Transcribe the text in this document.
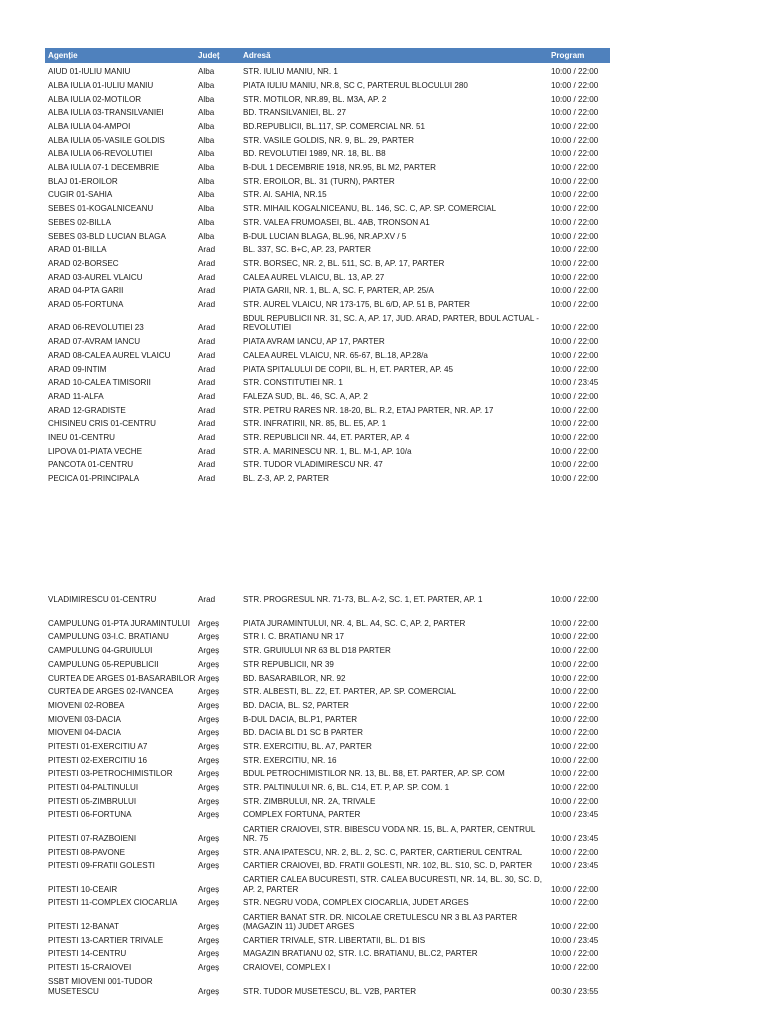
Agenție	Județ	Adresă	Program
AIUD 01-IULIU MANIU	Alba	STR. IULIU MANIU, NR. 1	10:00 / 22:00
ALBA IULIA 01-IULIU MANIU	Alba	PIATA IULIU MANIU, NR.8, SC C, PARTERUL BLOCULUI 280	10:00 / 22:00
ALBA IULIA 02-MOTILOR	Alba	STR. MOTILOR, NR.89, BL. M3A, AP. 2	10:00 / 22:00
ALBA IULIA 03-TRANSILVANIEI	Alba	BD. TRANSILVANIEI, BL. 27	10:00 / 22:00
ALBA IULIA 04-AMPOI	Alba	BD.REPUBLICII, BL.117, SP. COMERCIAL NR. 51	10:00 / 22:00
ALBA IULIA 05-VASILE GOLDIS	Alba	STR. VASILE GOLDIS, NR. 9, BL. 29, PARTER	10:00 / 22:00
ALBA IULIA 06-REVOLUTIEI	Alba	BD. REVOLUTIEI 1989, NR. 18, BL. B8	10:00 / 22:00
ALBA IULIA 07-1 DECEMBRIE	Alba	B-DUL 1 DECEMBRIE 1918, NR.95, BL M2, PARTER	10:00 / 22:00
BLAJ 01-EROILOR	Alba	STR. EROILOR, BL. 31 (TURN), PARTER	10:00 / 22:00
CUGIR 01-SAHIA	Alba	STR. Al. SAHIA, NR.15	10:00 / 22:00
SEBES 01-KOGALNICEANU	Alba	STR. MIHAIL KOGALNICEANU, BL. 146, SC. C, AP. SP. COMERCIAL	10:00 / 22:00
SEBES 02-BILLA	Alba	STR. VALEA FRUMOASEI, BL. 4AB, TRONSON A1	10:00 / 22:00
SEBES 03-BLD LUCIAN BLAGA	Alba	B-DUL LUCIAN BLAGA, BL.96, NR.AP.XV / 5	10:00 / 22:00
ARAD 01-BILLA	Arad	BL. 337, SC. B+C, AP. 23, PARTER	10:00 / 22:00
ARAD 02-BORSEC	Arad	STR. BORSEC, NR. 2, BL. 511, SC. B, AP. 17, PARTER	10:00 / 22:00
ARAD 03-AUREL VLAICU	Arad	CALEA AUREL VLAICU, BL. 13, AP. 27	10:00 / 22:00
ARAD 04-PTA GARII	Arad	PIATA GARII, NR. 1, BL. A, SC. F, PARTER, AP. 25/A	10:00 / 22:00
ARAD 05-FORTUNA	Arad	STR. AUREL VLAICU, NR 173-175, BL 6/D, AP. 51 B, PARTER	10:00 / 22:00
ARAD 06-REVOLUTIEI 23	Arad	BDUL REPUBLICII NR. 31, SC. A, AP. 17, JUD. ARAD, PARTER, BDUL ACTUAL - REVOLUTIEI	10:00 / 22:00
ARAD 07-AVRAM IANCU	Arad	PIATA AVRAM IANCU, AP 17, PARTER	10:00 / 22:00
ARAD 08-CALEA AUREL VLAICU	Arad	CALEA AUREL VLAICU, NR. 65-67, BL.18, AP.28/a	10:00 / 22:00
ARAD 09-INTIM	Arad	PIATA SPITALULUI DE COPII, BL. H, ET. PARTER, AP. 45	10:00 / 22:00
ARAD 10-CALEA TIMISORII	Arad	STR. CONSTITUTIEI NR. 1	10:00 / 23:45
ARAD 11-ALFA	Arad	FALEZA SUD, BL. 46, SC. A, AP. 2	10:00 / 22:00
ARAD 12-GRADISTE	Arad	STR. PETRU RARES NR. 18-20, BL. R.2, ETAJ PARTER, NR. AP. 17	10:00 / 22:00
CHISINEU CRIS 01-CENTRU	Arad	STR. INFRATIRII, NR. 85, BL. E5, AP. 1	10:00 / 22:00
INEU 01-CENTRU	Arad	STR. REPUBLICII NR. 44, ET. PARTER, AP. 4	10:00 / 22:00
LIPOVA 01-PIATA VECHE	Arad	STR. A. MARINESCU NR. 1, BL. M-1, AP. 10/a	10:00 / 22:00
PANCOTA 01-CENTRU	Arad	STR. TUDOR VLADIMIRESCU NR. 47	10:00 / 22:00
PECICA 01-PRINCIPALA	Arad	BL. Z-3, AP. 2, PARTER	10:00 / 22:00
VLADIMIRESCU 01-CENTRU	Arad	STR. PROGRESUL NR. 71-73, BL. A-2, SC. 1, ET. PARTER, AP. 1	10:00 / 22:00
CAMPULUNG 01-PTA JURAMINTULUI	Argeș	PIATA JURAMINTULUI, NR. 4, BL. A4, SC. C, AP. 2, PARTER	10:00 / 22:00
CAMPULUNG 03-I.C. BRATIANU	Argeș	STR I. C. BRATIANU NR 17	10:00 / 22:00
CAMPULUNG 04-GRUIULUI	Argeș	STR. GRUIULUI NR 63 BL D18 PARTER	10:00 / 22:00
CAMPULUNG 05-REPUBLICII	Argeș	STR REPUBLICII, NR 39	10:00 / 22:00
CURTEA DE ARGES 01-BASARABILOR	Argeș	BD. BASARABILOR, NR. 92	10:00 / 22:00
CURTEA DE ARGES 02-IVANCEA	Argeș	STR. ALBESTI, BL. Z2, ET. PARTER, AP. SP. COMERCIAL	10:00 / 22:00
MIOVENI 02-ROBEA	Argeș	BD. DACIA, BL. S2, PARTER	10:00 / 22:00
MIOVENI 03-DACIA	Argeș	B-DUL DACIA, BL.P1, PARTER	10:00 / 22:00
MIOVENI 04-DACIA	Argeș	BD. DACIA BL D1 SC B PARTER	10:00 / 22:00
PITESTI 01-EXERCITIU A7	Argeș	STR. EXERCITIU, BL. A7, PARTER	10:00 / 22:00
PITESTI 02-EXERCITIU 16	Argeș	STR. EXERCITIU, NR. 16	10:00 / 22:00
PITESTI 03-PETROCHIMISTILOR	Argeș	BDUL PETROCHIMISTILOR NR. 13, BL. B8, ET. PARTER, AP. SP. COM	10:00 / 22:00
PITESTI 04-PALTINULUI	Argeș	STR. PALTINULUI NR. 6, BL. C14, ET. P, AP. SP. COM. 1	10:00 / 22:00
PITESTI 05-ZIMBRULUI	Argeș	STR. ZIMBRULUI, NR. 2A, TRIVALE	10:00 / 22:00
PITESTI 06-FORTUNA	Argeș	COMPLEX FORTUNA, PARTER	10:00 / 23:45
PITESTI 07-RAZBOIENI	Argeș	CARTIER CRAIOVEI, STR. BIBESCU VODA NR. 15, BL. A, PARTER, CENTRUL NR. 75	10:00 / 23:45
PITESTI 08-PAVONE	Argeș	STR. ANA IPATESCU, NR. 2, BL. 2, SC. C, PARTER, CARTIERUL CENTRAL	10:00 / 22:00
PITESTI 09-FRATII GOLESTI	Argeș	CARTIER CRAIOVEI, BD. FRATII GOLESTI, NR. 102, BL. S10, SC. D, PARTER	10:00 / 23:45
PITESTI 10-CEAIR	Argeș	CARTIER CALEA BUCURESTI, STR. CALEA BUCURESTI, NR. 14, BL. 30, SC. D, AP. 2, PARTER	10:00 / 22:00
PITESTI 11-COMPLEX CIOCARLIA	Argeș	STR. NEGRU VODA, COMPLEX CIOCARLIA, JUDET ARGES	10:00 / 22:00
PITESTI 12-BANAT	Argeș	CARTIER BANAT STR. DR. NICOLAE CRETULESCU NR 3 BL A3 PARTER (MAGAZIN 11) JUDET ARGES	10:00 / 22:00
PITESTI 13-CARTIER TRIVALE	Argeș	CARTIER TRIVALE, STR. LIBERTATII, BL. D1 BIS	10:00 / 23:45
PITESTI 14-CENTRU	Argeș	MAGAZIN BRATIANU 02, STR. I.C. BRATIANU, BL.C2, PARTER	10:00 / 22:00
PITESTI 15-CRAIOVEI	Argeș	CRAIOVEI, COMPLEX I	10:00 / 22:00
SSBT MIOVENI 001-TUDOR MUSETESCU	Argeș	STR. TUDOR MUSETESCU, BL. V2B, PARTER	00:30 / 23:55
